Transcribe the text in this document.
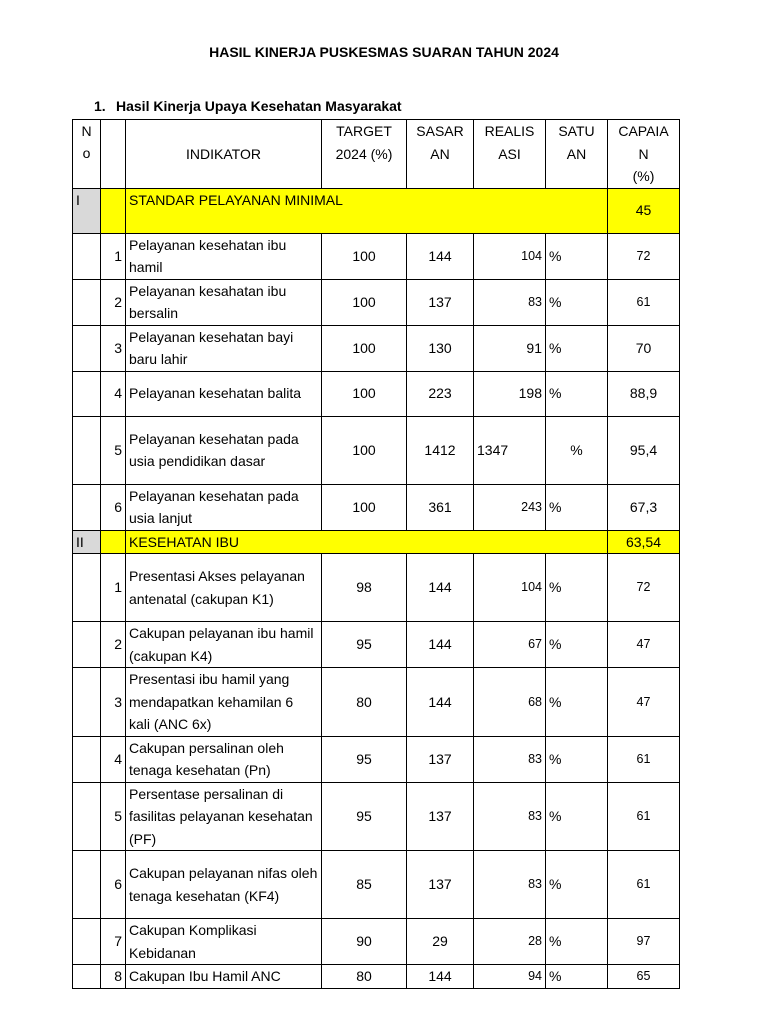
HASIL KINERJA PUSKESMAS SUARAN TAHUN 2024
1. Hasil Kinerja Upaya Kesehatan Masyarakat
N o		INDIKATOR	TARGET 2024 (%)	SASAR AN	REALIS ASI	SATU AN	CAPAIA N (%)
I		STANDAR PELAYANAN MINIMAL					45
	1	Pelayanan kesehatan ibu hamil	100	144	104	%	72
	2	Pelayanan kesahatan ibu bersalin	100	137	83	%	61
	3	Pelayanan kesehatan bayi baru lahir	100	130	91	%	70
	4	Pelayanan kesehatan balita	100	223	198	%	88,9
	5	Pelayanan kesehatan pada usia pendidikan dasar	100	1412	1347	%	95,4
	6	Pelayanan kesehatan pada usia lanjut	100	361	243	%	67,3
II		KESEHATAN IBU					63,54
	1	Presentasi Akses pelayanan antenatal (cakupan K1)	98	144	104	%	72
	2	Cakupan pelayanan ibu hamil (cakupan K4)	95	144	67	%	47
	3	Presentasi ibu hamil yang mendapatkan kehamilan 6 kali (ANC 6x)	80	144	68	%	47
	4	Cakupan persalinan oleh tenaga kesehatan (Pn)	95	137	83	%	61
	5	Persentase persalinan di fasilitas pelayanan kesehatan (PF)	95	137	83	%	61
	6	Cakupan pelayanan nifas oleh tenaga kesehatan (KF4)	85	137	83	%	61
	7	Cakupan Komplikasi Kebidanan	90	29	28	%	97
	8	Cakupan Ibu Hamil ANC	80	144	94	%	65
